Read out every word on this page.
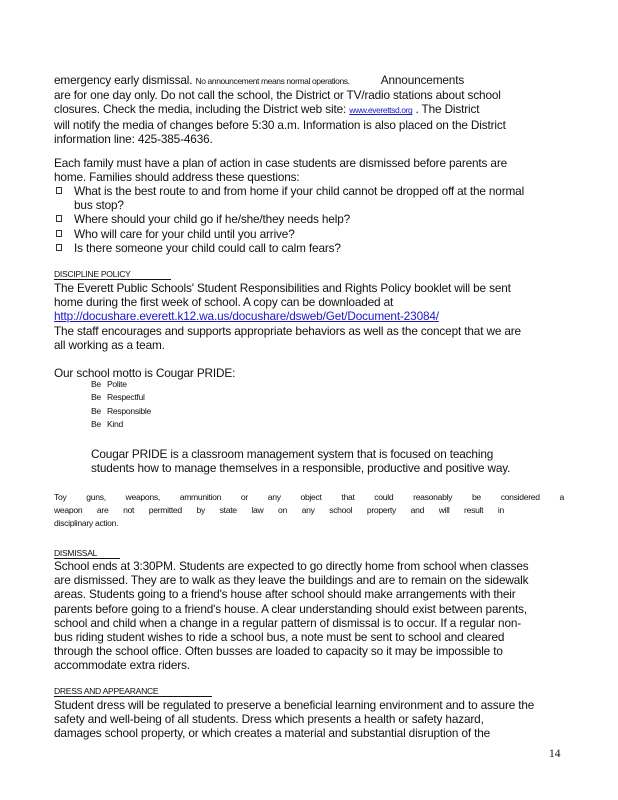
emergency early dismissal. No announcement means normal operations.	Announcements
are for one day only. Do not call the school, the District or TV/radio stations about school
closures. Check the media, including the District web site: www.everettsd.org . The District
will notify the media of changes before 5:30 a.m. Information is also placed on the District
information line: 425-385-4636.
Each family must have a plan of action in case students are dismissed before parents are
home. Families should address these questions:
What is the best route to and from home if your child cannot be dropped off at the normal bus stop?
Where should your child go if he/she/they needs help?
Who will care for your child until you arrive?
Is there someone your child could call to calm fears?
DISCIPLINE POLICY
The Everett Public Schools' Student Responsibilities and Rights Policy booklet will be sent
home during the first week of school. A copy can be downloaded at
http://docushare.everett.k12.wa.us/docushare/dsweb/Get/Document-23084/
The staff encourages and supports appropriate behaviors as well as the concept that we are
all working as a team.
Our school motto is Cougar PRIDE:
Be Polite
Be Respectful
Be Responsible
Be Kind
Cougar PRIDE is a classroom management system that is focused on teaching
students how to manage themselves in a responsible, productive and positive way.
Toy guns, weapons, ammunition or any object that could reasonably be considered a
weapon are not permitted by state law on any school property and will result in
disciplinary action.
DISMISSAL
School ends at 3:30PM. Students are expected to go directly home from school when classes
are dismissed. They are to walk as they leave the buildings and are to remain on the sidewalk
areas. Students going to a friend's house after school should make arrangements with their
parents before going to a friend's house. A clear understanding should exist between parents,
school and child when a change in a regular pattern of dismissal is to occur. If a regular non-
bus riding student wishes to ride a school bus, a note must be sent to school and cleared
through the school office. Often busses are loaded to capacity so it may be impossible to
accommodate extra riders.
DRESS AND APPEARANCE
Student dress will be regulated to preserve a beneficial learning environment and to assure the
safety and well-being of all students. Dress which presents a health or safety hazard,
damages school property, or which creates a material and substantial disruption of the
14
